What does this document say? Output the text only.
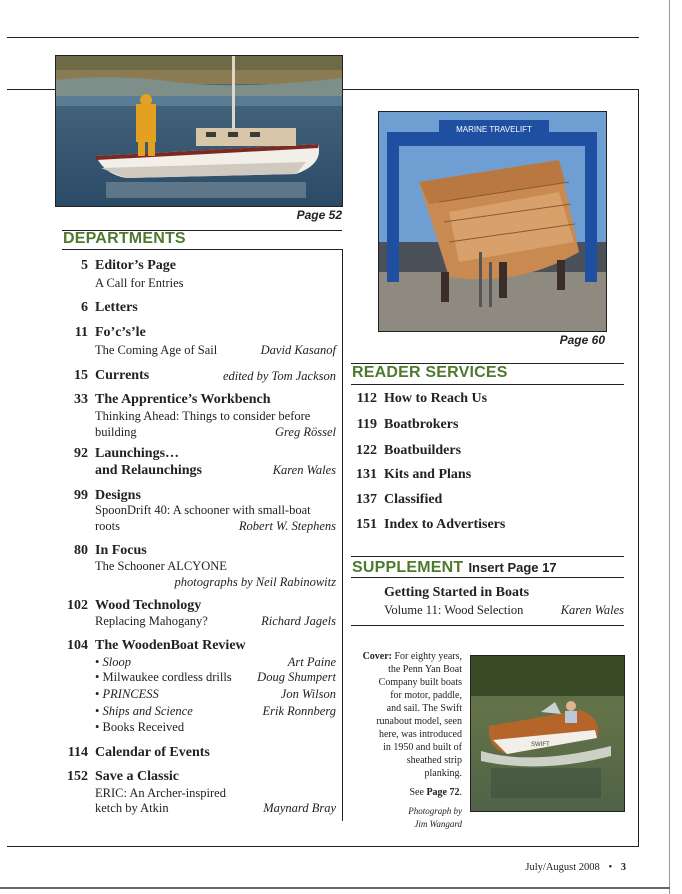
Page 52
MARINE TRAVELIFT
Page 60
DEPARTMENTS
5 Editor’s Page
A Call for Entries
6 Letters
11 Fo’c’s’le
The Coming Age of Sail	David Kasanof
15 Currents	edited by Tom Jackson
33 The Apprentice’s Workbench
Thinking Ahead: Things to consider before
building	Greg Rössel
92 Launchings…
and Relaunchings	Karen Wales
99 Designs
SpoonDrift 40: A schooner with small-boat
roots	Robert W. Stephens
80 In Focus
The Schooner ALCYONE
photographs by Neil Rabinowitz
102 Wood Technology
Replacing Mahogany?	Richard Jagels
104 The WoodenBoat Review
• Sloop	Art Paine
• Milwaukee cordless drills	Doug Shumpert
• PRINCESS	Jon Wilson
• Ships and Science	Erik Ronnberg
• Books Received
114 Calendar of Events
152 Save a Classic
ERIC: An Archer-inspired
ketch by Atkin	Maynard Bray
READER SERVICES
112 How to Reach Us
119 Boatbrokers
122 Boatbuilders
131 Kits and Plans
137 Classified
151 Index to Advertisers
SUPPLEMENT Insert Page 17
Getting Started in Boats
Volume 11: Wood Selection	Karen Wales
Cover: For eighty years,
the Penn Yan Boat
Company built boats
for motor, paddle,
and sail. The Swift
runabout model, seen
here, was introduced
in 1950 and built of
sheathed strip
planking.
See Page 72.
Photograph by
Jim Wangard
SWIFT
July/August 2008 • 3
